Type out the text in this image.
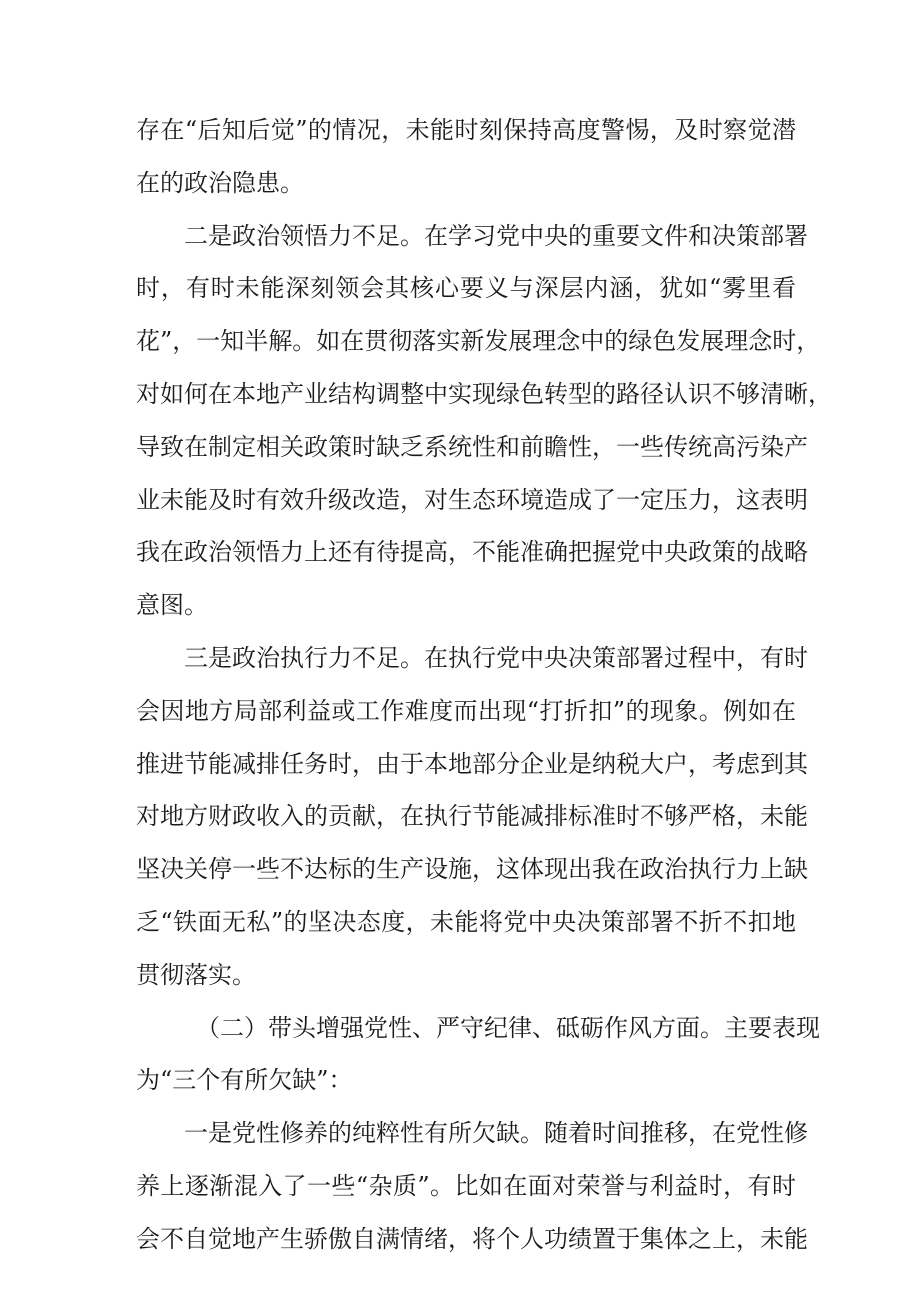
存在“后知后觉”的情况，未能时刻保持高度警惕，及时察觉潜
在的政治隐患。
二是政治领悟力不足。在学习党中央的重要文件和决策部署
时，有时未能深刻领会其核心要义与深层内涵，犹如“雾里看
花”，一知半解。如在贯彻落实新发展理念中的绿色发展理念时，
对如何在本地产业结构调整中实现绿色转型的路径认识不够清晰，
导致在制定相关政策时缺乏系统性和前瞻性，一些传统高污染产
业未能及时有效升级改造，对生态环境造成了一定压力，这表明
我在政治领悟力上还有待提高，不能准确把握党中央政策的战略
意图。
三是政治执行力不足。在执行党中央决策部署过程中，有时
会因地方局部利益或工作难度而出现“打折扣”的现象。例如在
推进节能减排任务时，由于本地部分企业是纳税大户，考虑到其
对地方财政收入的贡献，在执行节能减排标准时不够严格，未能
坚决关停一些不达标的生产设施，这体现出我在政治执行力上缺
乏“铁面无私”的坚决态度，未能将党中央决策部署不折不扣地
贯彻落实。
（二）带头增强党性、严守纪律、砥砺作风方面。主要表现
为“三个有所欠缺”：
一是党性修养的纯粹性有所欠缺。随着时间推移，在党性修
养上逐渐混入了一些“杂质”。比如在面对荣誉与利益时，有时
会不自觉地产生骄傲自满情绪，将个人功绩置于集体之上，未能
